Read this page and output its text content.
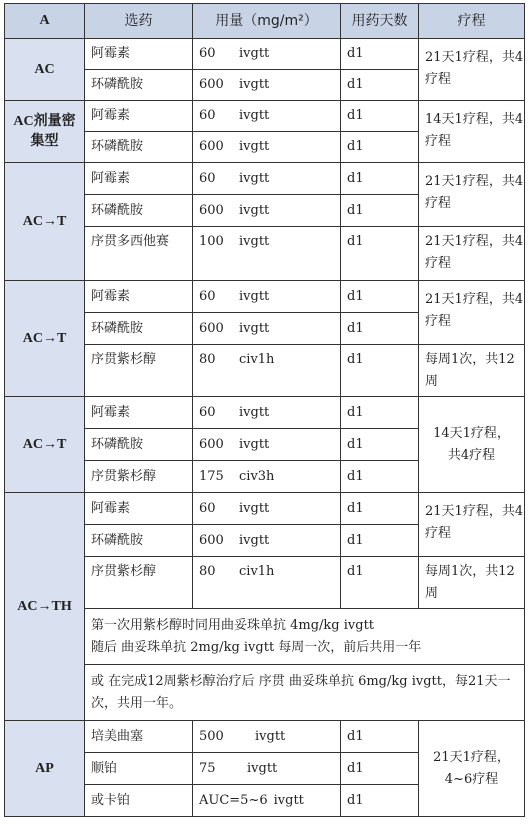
A	选药	用量（mg/m²）	用药天数	疗程
AC	阿霉素	60 ivgtt	d1	21天1疗程，共4疗程
	环磷酰胺	600 ivgtt	d1	
AC剂量密集型	阿霉素	60 ivgtt	d1	14天1疗程，共4疗程
	环磷酰胺	600 ivgtt	d1	
AC→T	阿霉素	60 ivgtt	d1	21天1疗程，共4疗程
	环磷酰胺	600 ivgtt	d1	
	序贯多西他赛	100 ivgtt	d1	21天1疗程，共4疗程
AC→T	阿霉素	60 ivgtt	d1	21天1疗程，共4疗程
	环磷酰胺	600 ivgtt	d1	
	序贯紫杉醇	80 civ1h	d1	每周1次，共12周
AC→T	阿霉素	60 ivgtt	d1	14天1疗程，共4疗程
	环磷酰胺	600 ivgtt	d1	
	序贯紫杉醇	175 civ3h	d1	
AC→TH	阿霉素	60 ivgtt	d1	21天1疗程，共4疗程
	环磷酰胺	600 ivgtt	d1	
	序贯紫杉醇	80 civ1h	d1	每周1次，共12周

	第一次用紫杉醇时同用曲妥珠单抗 4mg/kg ivgtt
随后 曲妥珠单抗 2mg/kg ivgtt 每周一次，前后共用一年			

	或 在完成12周紫杉醇治疗后 序贯 曲妥珠单抗 6mg/kg ivgtt，每21天一次，共用一年。			
AP	培美曲塞	500 ivgtt	d1	21天1疗程，4~6疗程
	顺铂	75 ivgtt	d1	
	或卡铂	AUC=5~6 ivgtt	d1	
